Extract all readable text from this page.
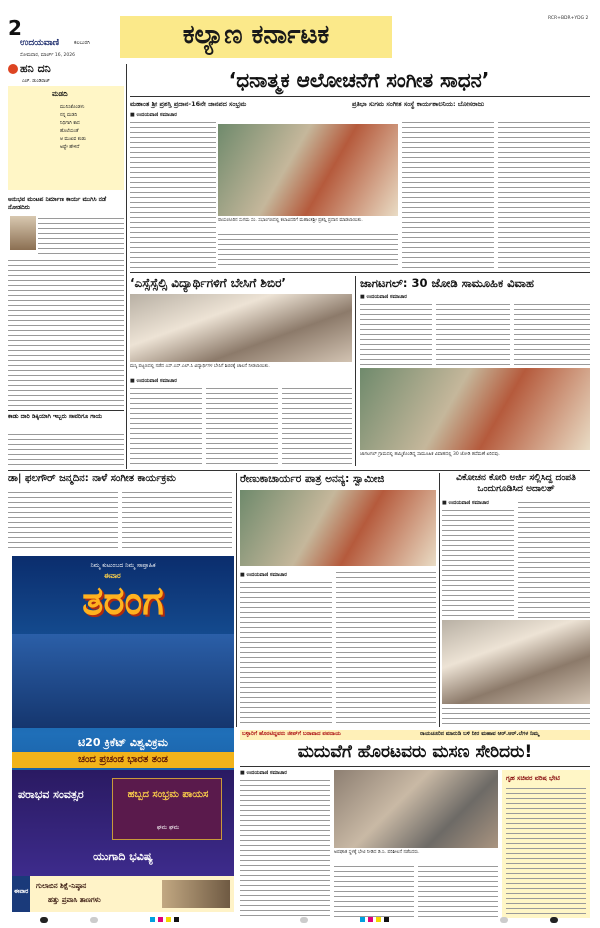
2
ಉದಯವಾಣಿ	ಕಲಬುರಗಿ
ಸೋಮವಾರ, ಮಾರ್ಚ್ 16, 2026
ಕಲ್ಯಾಣ ಕರ್ನಾಟಕ
RCR+BDR+YDG 2
ಹನಿ ದನಿ
ಎಚ್. ಡುಂಡಿರಾಜ್
ಮಡದಿ
ಮುನಿಸಿಕೊಂಡಳು
ನನ್ನ ಮಡದಿ
ನಿಧಿಗಾಗಿ ಕಾದ
ಹೊಲೆಯಂತೆ
ಆ ಮುಖವ ಕಂಡು
ಅಷ್ಟೇ ಹೇಳಿದೆ
ಅನುಭವ ಮಂಟಪ ನಿರ್ಮಾಣ ಕಾರ್ಯ ಮುಗಿಸಿ ನಡೆ ನೋಡದಿರು
ಕಾಡು ದಾರಿ ಡಿಕ್ಕಿಯಾಗಿ ಇಬ್ಬರು ಸಾವರಿಗೂ ಗಾಯ
‘ಧನಾತ್ಮಕ ಆಲೋಚನೆಗೆ ಸಂಗೀತ ಸಾಧನ’
ಮಹಾಂತ ಶ್ರೀ ಪ್ರಶಸ್ತಿ ಪ್ರದಾನ-16ನೇ ಜಾನಪದ ಸಂಭ್ರಮ	ಪ್ರತಿಭಾ ಸುಗಮ ಸಂಗೀತ ಸಂಸ್ಥೆ ಕಾರ್ಯಶಾಲನಿಯ: ಬೋಸರಾಜು
■ ಉದಯವಾಣಿ ಸಮಾಚಾರ
ರಾಯಚೂರಿನ ಸುಗಮ ಸಂ. ಸಭಾಂಗಣದಲ್ಲಿ ಕಲಾವಿದರಿಗೆ ಮಹಾಂತಶ್ರೀ ಪ್ರಶಸ್ತಿ ಪ್ರದಾನ ಮಾಡಲಾಯಿತು.
‘ಎಸ್ಸೆಸ್ಸೆಲ್ಸಿ ವಿದ್ಯಾರ್ಥಿಗಳಿಗೆ ಬೇಸಿಗೆ ಶಿಬಿರ’
ಮಸ್ಕಿ ಪಟ್ಟಣದಲ್ಲಿ ನಡೆದ ಎಸ್.ಎಸ್.ಎಲ್.ಸಿ ವಿದ್ಯಾರ್ಥಿಗಳ ಬೇಸಿಗೆ ಶಿಬಿರಕ್ಕೆ ಚಾಲನೆ ನೀಡಲಾಯಿತು.
■ ಉದಯವಾಣಿ ಸಮಾಚಾರ
ಜಾಗಟಗಲ್: 30 ಜೋಡಿ ಸಾಮೂಹಿಕ ವಿವಾಹ
■ ಉದಯವಾಣಿ ಸಮಾಚಾರ
ಜಾಗಟಗಲ್ ಗ್ರಾಮದಲ್ಲಿ ಹಮ್ಮಿಕೊಂಡಿದ್ದ ಸಾಮೂಹಿಕ ವಿವಾಹದಲ್ಲಿ 30 ಜೋಡಿ ಹಸೆಮಣೆ ಏರಿದವು.
ಡಾ| ಫಲಗೌರ್ ಜನ್ಮದಿನ: ನಾಳೆ ಸಂಗೀತ ಕಾರ್ಯಕ್ರಮ	ರೇಣುಕಾಚಾರ್ಯರ ಪಾತ್ರ ಅನನ್ಯ: ಸ್ವಾಮೀಜಿ
■ ಉದಯವಾಣಿ ಸಮಾಚಾರ
ವಿಕೋಚನ ಕೋರಿ ಅರ್ಜಿ ಸಲ್ಲಿಸಿದ್ದ ದಂಪತಿ ಒಂದುಗೂಡಿಸಿದ ಅದಾಲತ್
■ ಉದಯವಾಣಿ ಸಮಾಚಾರ
ನಿಮ್ಮ ಕುಟುಂಬದ ನಿಮ್ಮ ಸಾಪ್ತಾಹಿಕ
ಈವಾರ
ತರಂಗ
ಟಿ20 ಕ್ರಿಕೆಟ್ ವಿಶ್ವವಿಕ್ರಮ
ಚಂದ ಪ್ರಚಂಡ ಭಾರತ ತಂಡ
ಪರಾಭವ ಸಂವತ್ಸರ	ಹಬ್ಬದ ಸಂಭ್ರಮ ಪಾಯಸ
ಘಮ ಘಮ
ಯುಗಾದಿ ಭವಿಷ್ಯ
ಈವಾರ
ಗುಲಾಬಿನ ಶಿಕ್ಷೆ-ನಿಷ್ಠಾನ
ಹತ್ತು ಪ್ರವಾಸಿ ತಾಣಗಳು
ಬಳ್ಳಾರಿಗೆ ಹೊರಟಿದ್ದವರು ಜೀಪ್‌ಗೆ ಬರಾವಾದ ಪಪದಾಯ	ರಾಯಚೂರಿನ ಮಾರುಡಿ ಬಳಿ ನೀರ ಮಹಾವ ಆರ್.ಆರ್.ಲೆಗಳ ನಿಮ್ಮ
ಮದುವೆಗೆ ಹೊರಟವರು ಮಸಣ ಸೇರಿದರು!
■ ಉದಯವಾಣಿ ಸಮಾಚಾರ
ಅಪಘಾತ ಸ್ಥಳಕ್ಕೆ ಭೇಟಿ ನೀಡಿದ ಡಿ.ಸಿ. ಪರಿಶೀಲನೆ ನಡೆಸಿದರು.
ಗೃಹ ಸಚಿವರ ವರಿಷ ಭೇಟಿ
